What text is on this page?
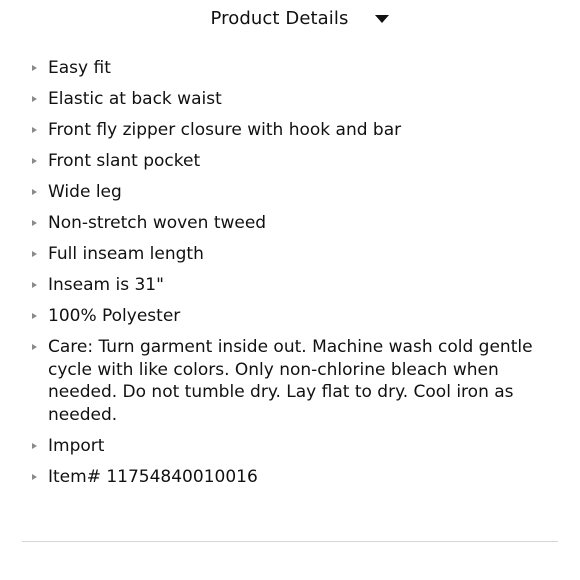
Product Details
Easy fit
Elastic at back waist
Front fly zipper closure with hook and bar
Front slant pocket
Wide leg
Non-stretch woven tweed
Full inseam length
Inseam is 31"
100% Polyester
Care: Turn garment inside out. Machine wash cold gentle cycle with like colors. Only non-chlorine bleach when needed. Do not tumble dry. Lay flat to dry. Cool iron as needed.
Import
Item# 11754840010016
